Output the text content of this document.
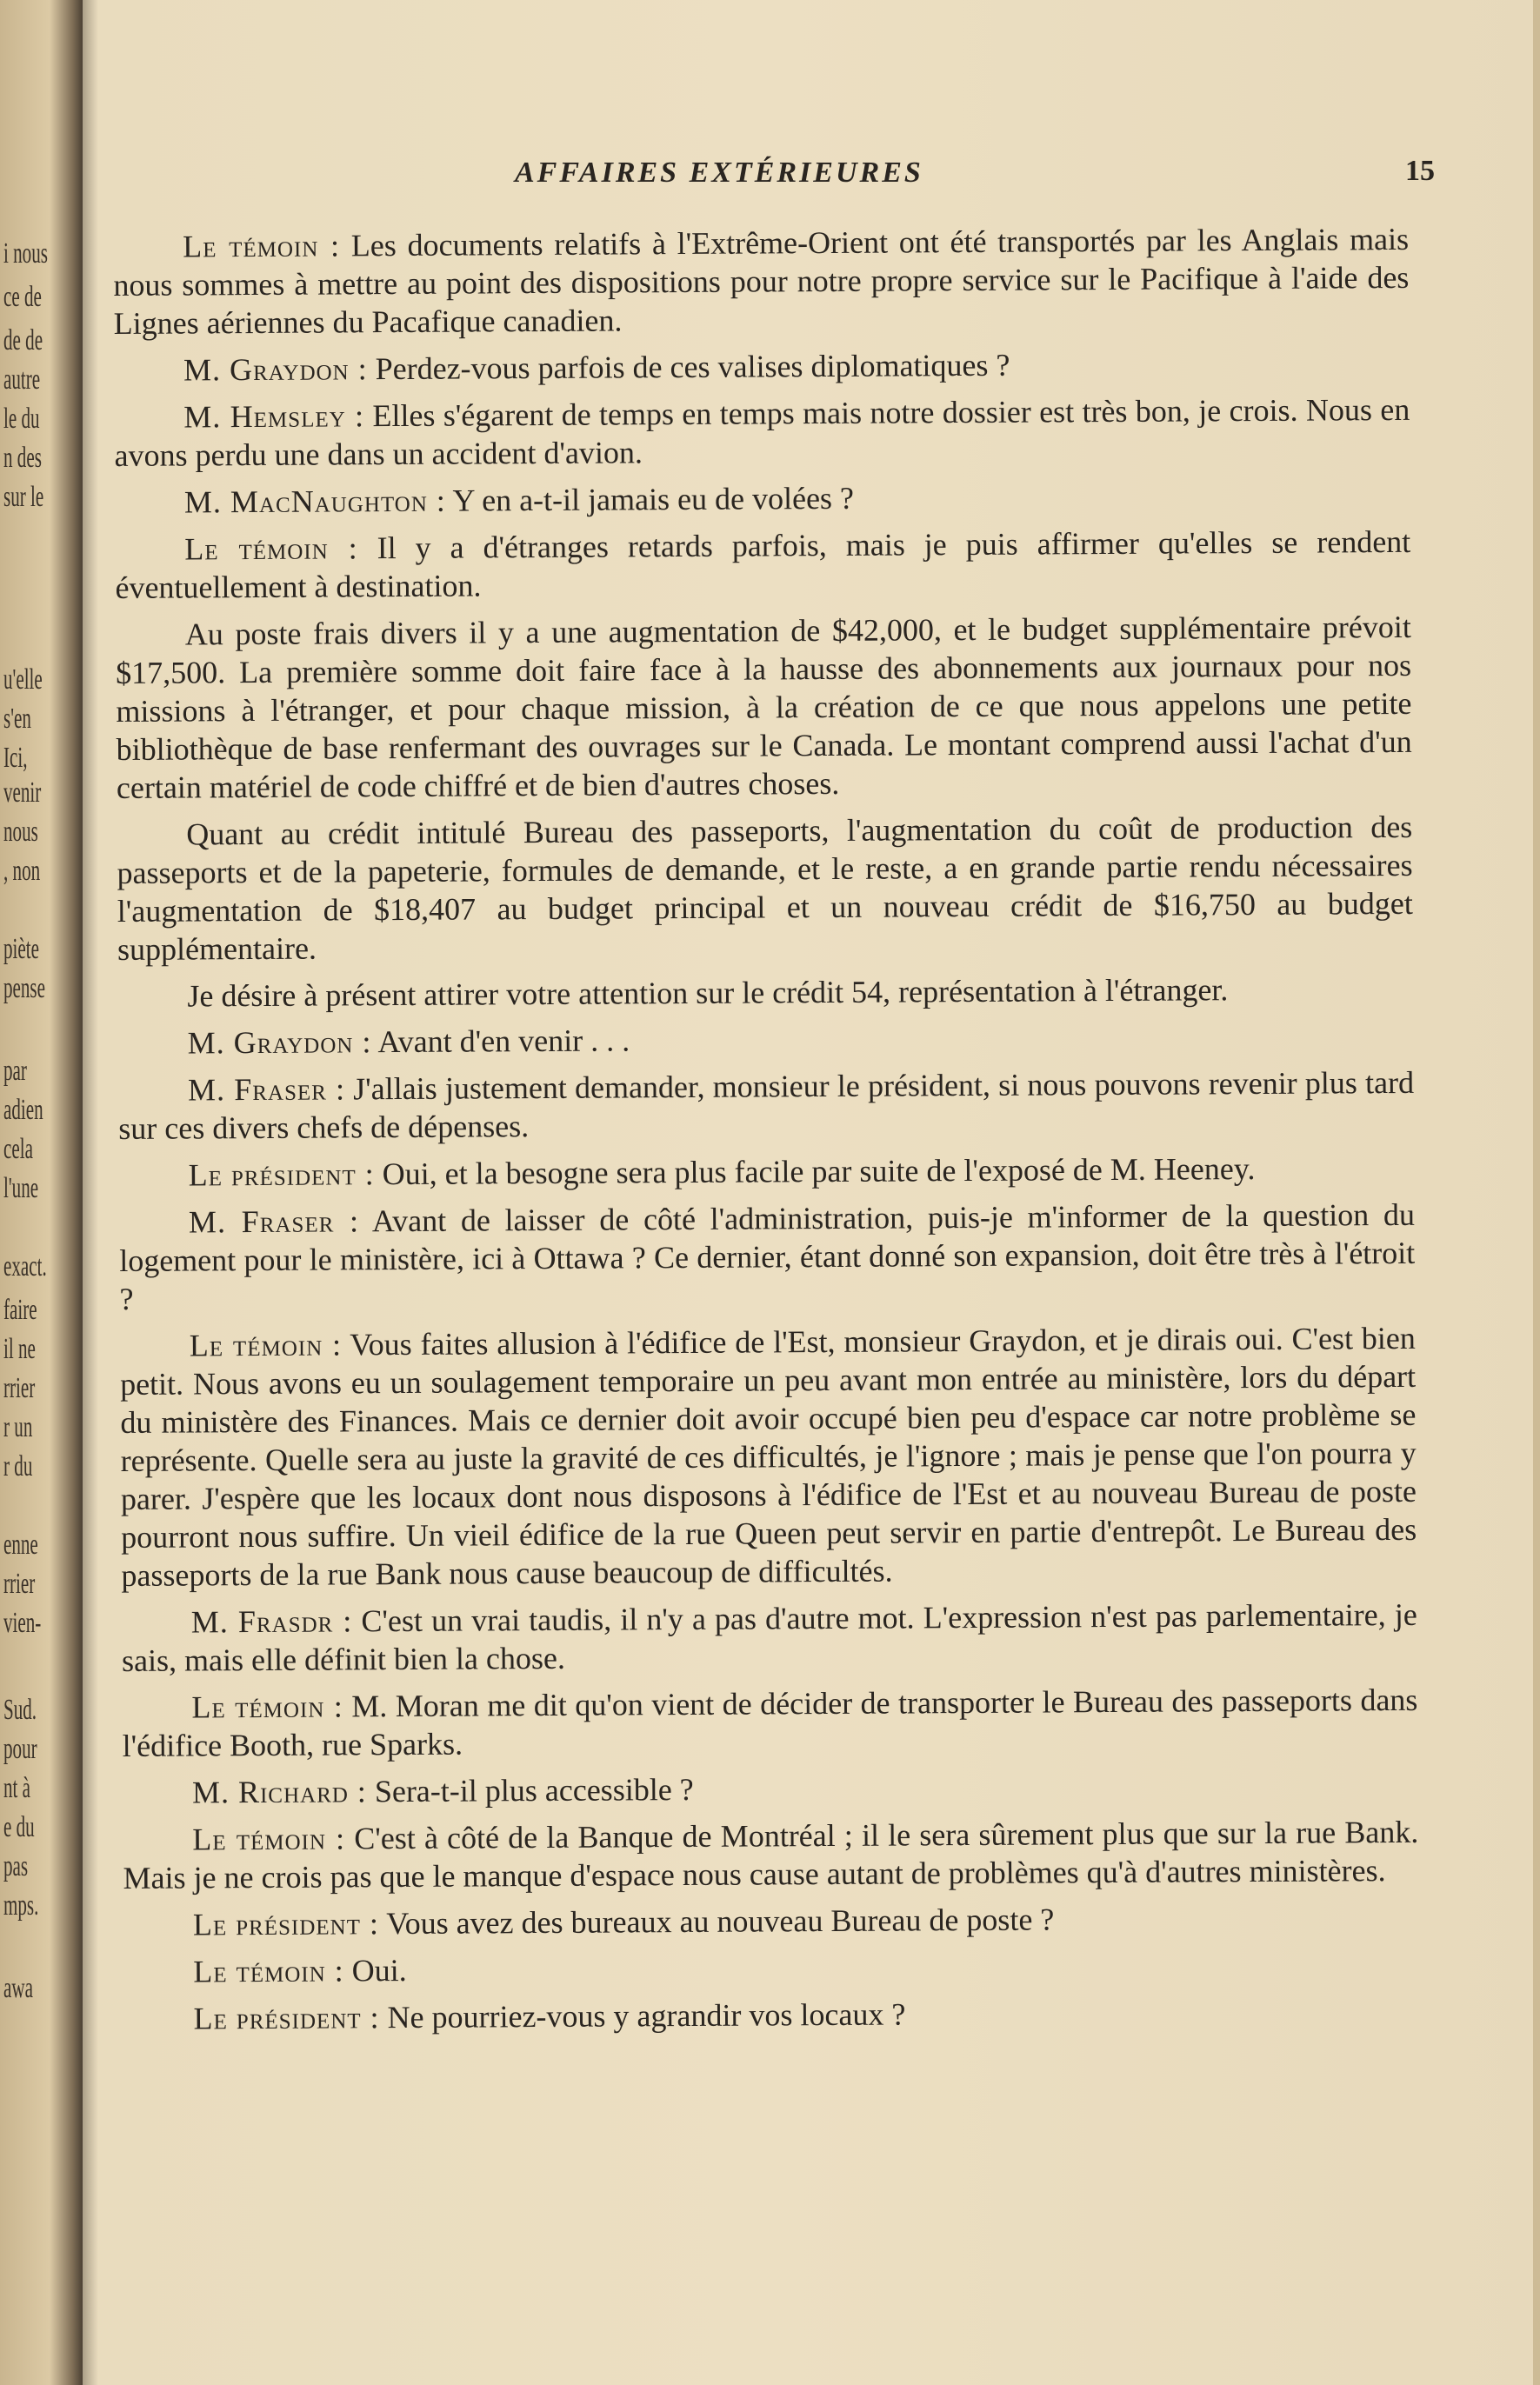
i nous
ce de
de de
autre
le du
n des
sur le
u'elle
s'en
Ici,
venir
nous
, non
piète
pense
par
adien
cela
l'une
exact.
faire
il ne
rrier
r un
r du
enne
rrier
vien-
Sud.
pour
nt à
e du
pas
mps.
awa
AFFAIRES EXTÉRIEURES	15

Le témoin : Les documents relatifs à l'Extrême-Orient ont été transportés par les Anglais mais nous sommes à mettre au point des dispositions pour notre propre service sur le Pacifique à l'aide des Lignes aériennes du Pacafique canadien.

M. Graydon : Perdez-vous parfois de ces valises diplomatiques ?

M. Hemsley : Elles s'égarent de temps en temps mais notre dossier est très bon, je crois. Nous en avons perdu une dans un accident d'avion.

M. MacNaughton : Y en a-t-il jamais eu de volées ?

Le témoin : Il y a d'étranges retards parfois, mais je puis affirmer qu'elles se rendent éventuellement à destination.

Au poste frais divers il y a une augmentation de $42,000, et le budget supplémentaire prévoit $17,500. La première somme doit faire face à la hausse des abonnements aux journaux pour nos missions à l'étranger, et pour chaque mission, à la création de ce que nous appelons une petite bibliothèque de base renfermant des ouvrages sur le Canada. Le montant comprend aussi l'achat d'un certain matériel de code chiffré et de bien d'autres choses.

Quant au crédit intitulé Bureau des passeports, l'augmentation du coût de production des passeports et de la papeterie, formules de demande, et le reste, a en grande partie rendu nécessaires l'augmentation de $18,407 au budget principal et un nouveau crédit de $16,750 au budget supplémentaire.

Je désire à présent attirer votre attention sur le crédit 54, représentation à l'étranger.

M. Graydon : Avant d'en venir . . .

M. Fraser : J'allais justement demander, monsieur le président, si nous pouvons revenir plus tard sur ces divers chefs de dépenses.

Le président : Oui, et la besogne sera plus facile par suite de l'exposé de M. Heeney.

M. Fraser : Avant de laisser de côté l'administration, puis-je m'informer de la question du logement pour le ministère, ici à Ottawa ? Ce dernier, étant donné son expansion, doit être très à l'étroit ?

Le témoin : Vous faites allusion à l'édifice de l'Est, monsieur Graydon, et je dirais oui. C'est bien petit. Nous avons eu un soulagement temporaire un peu avant mon entrée au ministère, lors du départ du ministère des Finances. Mais ce dernier doit avoir occupé bien peu d'espace car notre problème se représente. Quelle sera au juste la gravité de ces difficultés, je l'ignore ; mais je pense que l'on pourra y parer. J'espère que les locaux dont nous disposons à l'édifice de l'Est et au nouveau Bureau de poste pourront nous suffire. Un vieil édifice de la rue Queen peut servir en partie d'entrepôt. Le Bureau des passeports de la rue Bank nous cause beaucoup de difficultés.

M. Frasdr : C'est un vrai taudis, il n'y a pas d'autre mot. L'expression n'est pas parlementaire, je sais, mais elle définit bien la chose.

Le témoin : M. Moran me dit qu'on vient de décider de transporter le Bureau des passeports dans l'édifice Booth, rue Sparks.

M. Richard : Sera-t-il plus accessible ?

Le témoin : C'est à côté de la Banque de Montréal ; il le sera sûrement plus que sur la rue Bank. Mais je ne crois pas que le manque d'espace nous cause autant de problèmes qu'à d'autres ministères.

Le président : Vous avez des bureaux au nouveau Bureau de poste ?

Le témoin : Oui.

Le président : Ne pourriez-vous y agrandir vos locaux ?
